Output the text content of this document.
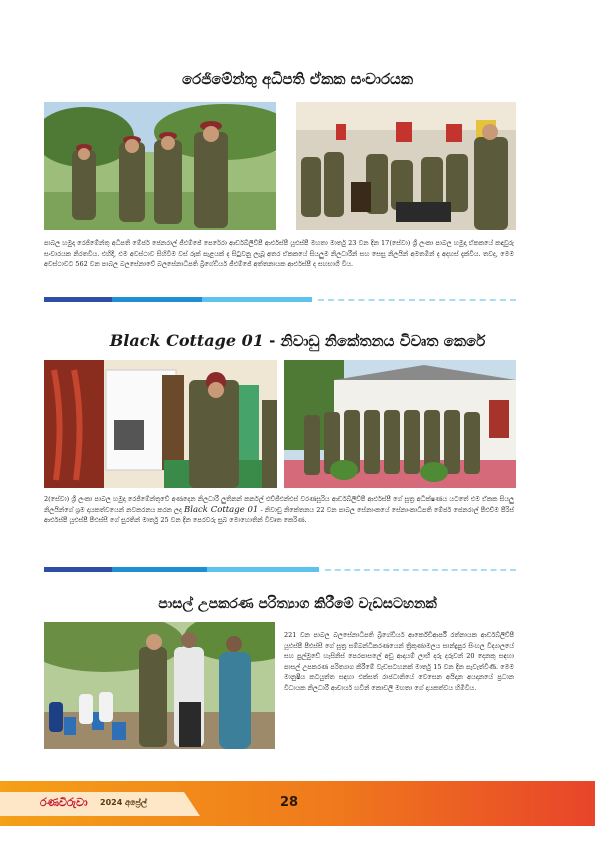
රෙජිමේන්තු අධිපති ඒකක සංචාරයක
පාබල හමුදා රෙජිමේන්තු අධිපති මේජර් ජෙනරාල් ජීඑම්ජේ පෙරේරා ආර්ඩබ්ලිව්පී ආර්එස්පී යූඑස්පී මහතා මාර්තු 23 වන දින 17(සේවා) ශ්‍රී ලංකා පාබල හමුදා ඒකකයේ කඳවුරු සංචාරයක නිරතවිය. එහිදී, එම අවස්ථාව සිහිවීම වස් රුක් පැළයක් ද සිටුවනු ලැබූ අතර ඒකකයේ සියලුම නිලධාරීන් සහ සෙසු නිලයින් අමතමින් ද අදහස් දැක්වීය. තවද, මෙම අවස්ථාවට 562 වන පාබල බලසේනාවේ බලසේනාධිපති බ්‍රිගේඩියර් ජීඑම්ජේ අත්තනායක ආර්එස්පී ද සහභාගී විය.
Black Cottage 01 - නිවාඩු නිකේතනය විවෘත කෙරේ
2(සේවා) ශ්‍රී ලංකා පාබල හමුදා රෙජිමේන්තුවේ අණදෙන නිලධාරී ලුතිනන් කර්නල් එච්ජීඑන්එස් වරණසූරිය ආර්ඩබ්ලිව්පී ආර්එස්පී ගේ සූත්‍ර අධීක්ෂණය යටතේ එම ඒකක සියලු නිලයින්ගේ ශ්‍රම දායකත්වයෙන් නවකරනය කරන ලද Black Cottage 01 - නිවාඩු නිකේතනය 22 වන පාබල සේනාංකයේ සේනාංකාධිපති මේජර් ජෙනරාල් පීඑච්ම පීරිස් ආර්එස්පී යූඑස්පී පීඑස්සී ගේ සුරතින් මාර්තු 25 වන දින පෙරවරු සුබ මොහොතින් විවෘත කෙරිණ.
පාසල් උපකරණ පරිත්‍යාග කිරීමේ වැඩසටහනක්
221 වන පාබල බලසේනාධිපති බ්‍රිගේඩියර් ආර්කේඩීආර්පී රත්නායක ආර්ඩබ්ලිව්පී යූඑස්පී පීඑස්සී ගේ සූත්‍ර සම්බන්ධීකරණයෙන් ත්‍රිකුණාමලය සාන්ද්‍රපුර සිංහල විද්‍යාලයේ සහ පුල්මුඩේ හැසිනිස් පෙරපාසලේ අඩු ආදායම් ලාභී දරු දරුවන් 20 දෙනකු සඳහා පාසල් උපකරණ පරිත්‍යාග කිරීමේ වැඩසටහනක් මාර්තු 15 වන දින පැවැත්විණි. මෙම මානුෂීය කටයුත්ත සඳහා එක්සත් රාජධානියේ වෙසෙන අයිදාන අයදානයේ ප්‍රධාන විධායක නිලධාරී ආචාර්ය හවින් කොඩලි මහතා ගේ දායකත්වය හිමිවිය.
රණවිරුවා 2024 අප්‍රේල්	28
